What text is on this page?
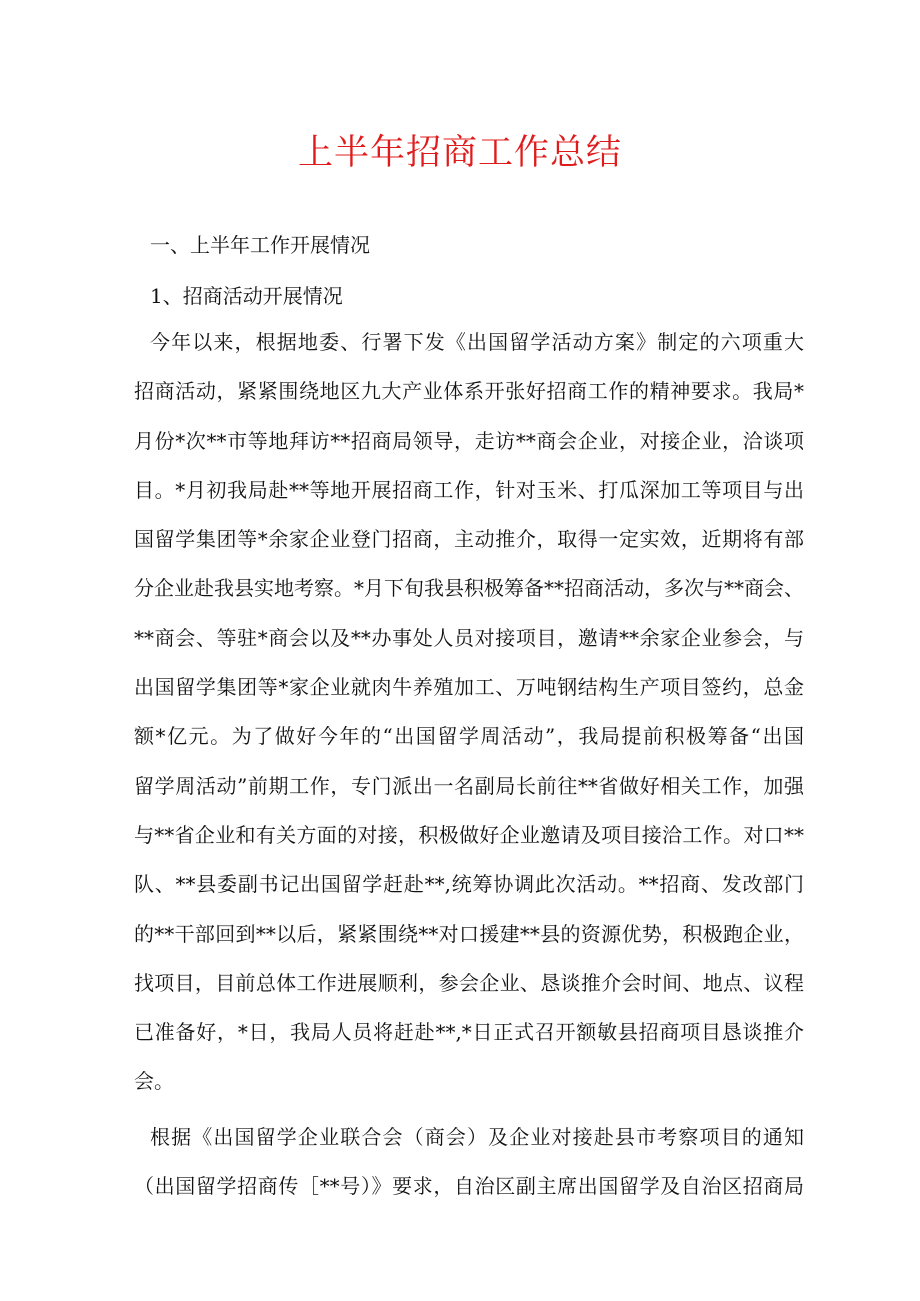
上半年招商工作总结
一、上半年工作开展情况
1、招商活动开展情况
今年以来，根据地委、行署下发《出国留学活动方案》制定的六项重大
招商活动，紧紧围绕地区九大产业体系开张好招商工作的精神要求。我局*
月份*次**市等地拜访**招商局领导，走访**商会企业，对接企业，洽谈项
目。*月初我局赴**等地开展招商工作，针对玉米、打瓜深加工等项目与出
国留学集团等*余家企业登门招商，主动推介，取得一定实效，近期将有部
分企业赴我县实地考察。*月下旬我县积极筹备**招商活动，多次与**商会、
**商会、等驻*商会以及**办事处人员对接项目，邀请**余家企业参会，与
出国留学集团等*家企业就肉牛养殖加工、万吨钢结构生产项目签约，总金
额*亿元。为了做好今年的“出国留学周活动”，我局提前积极筹备“出国
留学周活动”前期工作，专门派出一名副局长前往**省做好相关工作，加强
与**省企业和有关方面的对接，积极做好企业邀请及项目接洽工作。对口**
队、**县委副书记出国留学赶赴**,统筹协调此次活动。**招商、发改部门
的**干部回到**以后，紧紧围绕**对口援建**县的资源优势，积极跑企业，
找项目，目前总体工作进展顺利，参会企业、恳谈推介会时间、地点、议程
已准备好，*日，我局人员将赶赴**,*日正式召开额敏县招商项目恳谈推介
会。
根据《出国留学企业联合会（商会）及企业对接赴县市考察项目的通知
（出国留学招商传［**号）》要求，自治区副主席出国留学及自治区招商局
